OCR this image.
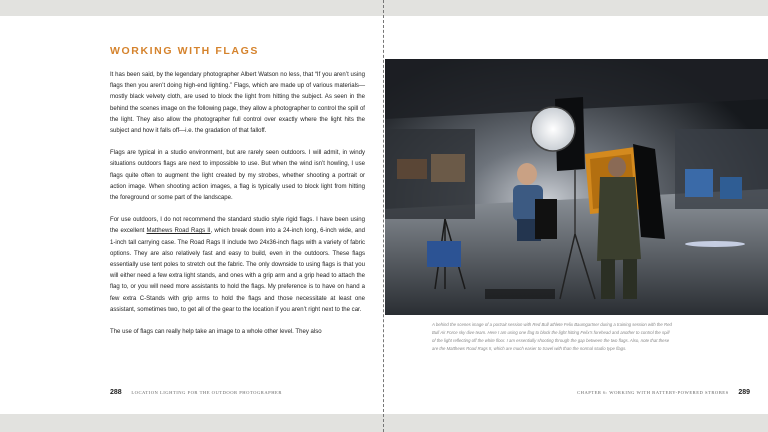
WORKING WITH FLAGS

It has been said, by the legendary photographer Albert Watson no less, that “If you aren’t using flags then you aren’t doing high-end lighting.” Flags, which are made up of various materials—mostly black velvety cloth, are used to block the light from hitting the subject. As seen in the behind the scenes image on the following page, they allow a photographer to control the spill of the light. They also allow the photographer full control over exactly where the light hits the subject and how it falls off—i.e. the gradation of that falloff.

Flags are typical in a studio environment, but are rarely seen outdoors. I will admit, in windy situations outdoors flags are next to impossible to use. But when the wind isn’t howling, I use flags quite often to augment the light created by my strobes, whether shooting a portrait or action image. When shooting action images, a flag is typically used to block light from hitting the foreground or some part of the landscape.

For use outdoors, I do not recommend the standard studio style rigid flags. I have been using the excellent Matthews Road Rags II, which break down into a 24-inch long, 6-inch wide, and 1-inch tall carrying case. The Road Rags II include two 24x36-inch flags with a variety of fabric options. They are also relatively fast and easy to build, even in the outdoors. These flags essentially use tent poles to stretch out the fabric. The only downside to using flags is that you will either need a few extra light stands, and ones with a grip arm and a grip head to attach the flag to, or you will need more assistants to hold the flags. My preference is to have on hand a few extra C-Stands with grip arms to hold the flags and those necessitate at least one assistant, sometimes two, to get all of the gear to the location if you aren’t right next to the car.

The use of flags can really help take an image to a whole other level. They also

288 LOCATION LIGHTING FOR THE OUTDOOR PHOTOGRAPHER
A behind the scenes image of a portrait session with Red Bull athlete Felix Baumgartner during a training session with the Red Bull Air Force sky dive team. Here I am using one flag to block the light hitting Felix’s forehead and another to control the spill of the light reflecting off the white floor. I am essentially shooting through the gap between the two flags. Also, note that these are the Matthews Road Rags II, which are much easier to travel with than the normal studio type flags.
CHAPTER 6: WORKING WITH BATTERY-POWERED STROBES 289
